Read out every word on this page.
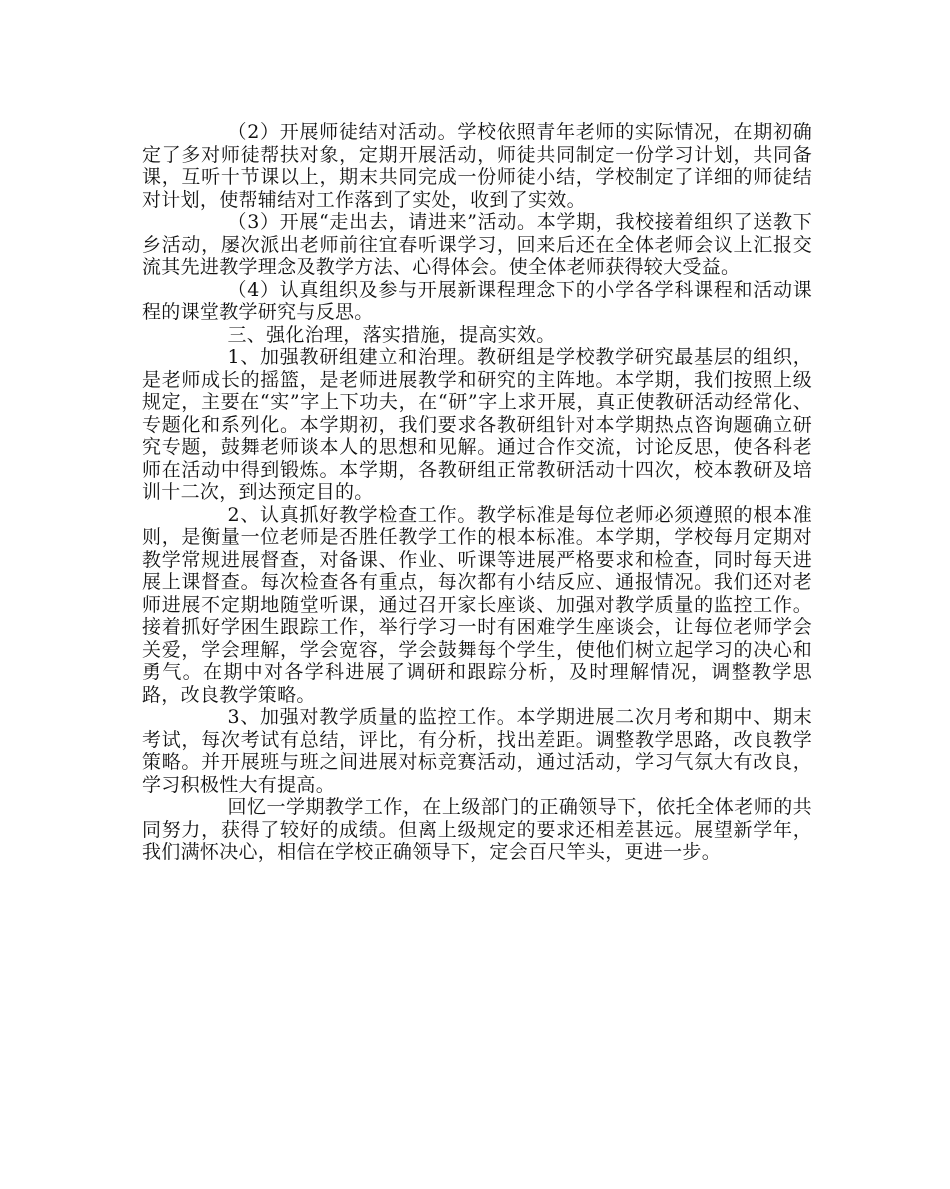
（2）开展师徒结对活动。学校依照青年老师的实际情况，在期初确定了多对师徒帮扶对象，定期开展活动，师徒共同制定一份学习计划，共同备课，互听十节课以上，期末共同完成一份师徒小结，学校制定了详细的师徒结对计划，使帮辅结对工作落到了实处，收到了实效。

（3）开展“走出去，请进来”活动。本学期，我校接着组织了送教下乡活动，屡次派出老师前往宜春听课学习，回来后还在全体老师会议上汇报交流其先进教学理念及教学方法、心得体会。使全体老师获得较大受益。

（4）认真组织及参与开展新课程理念下的小学各学科课程和活动课程的课堂教学研究与反思。

三、强化治理，落实措施，提高实效。

1、加强教研组建立和治理。教研组是学校教学研究最基层的组织，是老师成长的摇篮，是老师进展教学和研究的主阵地。本学期，我们按照上级规定，主要在“实”字上下功夫，在“研”字上求开展，真正使教研活动经常化、专题化和系列化。本学期初，我们要求各教研组针对本学期热点咨询题确立研究专题，鼓舞老师谈本人的思想和见解。通过合作交流，讨论反思，使各科老师在活动中得到锻炼。本学期，各教研组正常教研活动十四次，校本教研及培训十二次，到达预定目的。

2、认真抓好教学检查工作。教学标准是每位老师必须遵照的根本准则，是衡量一位老师是否胜任教学工作的根本标准。本学期，学校每月定期对教学常规进展督查，对备课、作业、听课等进展严格要求和检查，同时每天进展上课督查。每次检查各有重点，每次都有小结反应、通报情况。我们还对老师进展不定期地随堂听课，通过召开家长座谈、加强对教学质量的监控工作。接着抓好学困生跟踪工作，举行学习一时有困难学生座谈会，让每位老师学会关爱，学会理解，学会宽容，学会鼓舞每个学生，使他们树立起学习的决心和勇气。在期中对各学科进展了调研和跟踪分析，及时理解情况，调整教学思路，改良教学策略。

3、加强对教学质量的监控工作。本学期进展二次月考和期中、期末考试，每次考试有总结，评比，有分析，找出差距。调整教学思路，改良教学策略。并开展班与班之间进展对标竞赛活动，通过活动，学习气氛大有改良，学习积极性大有提高。

回忆一学期教学工作，在上级部门的正确领导下，依托全体老师的共同努力，获得了较好的成绩。但离上级规定的要求还相差甚远。展望新学年，我们满怀决心，相信在学校正确领导下，定会百尺竿头，更进一步。
